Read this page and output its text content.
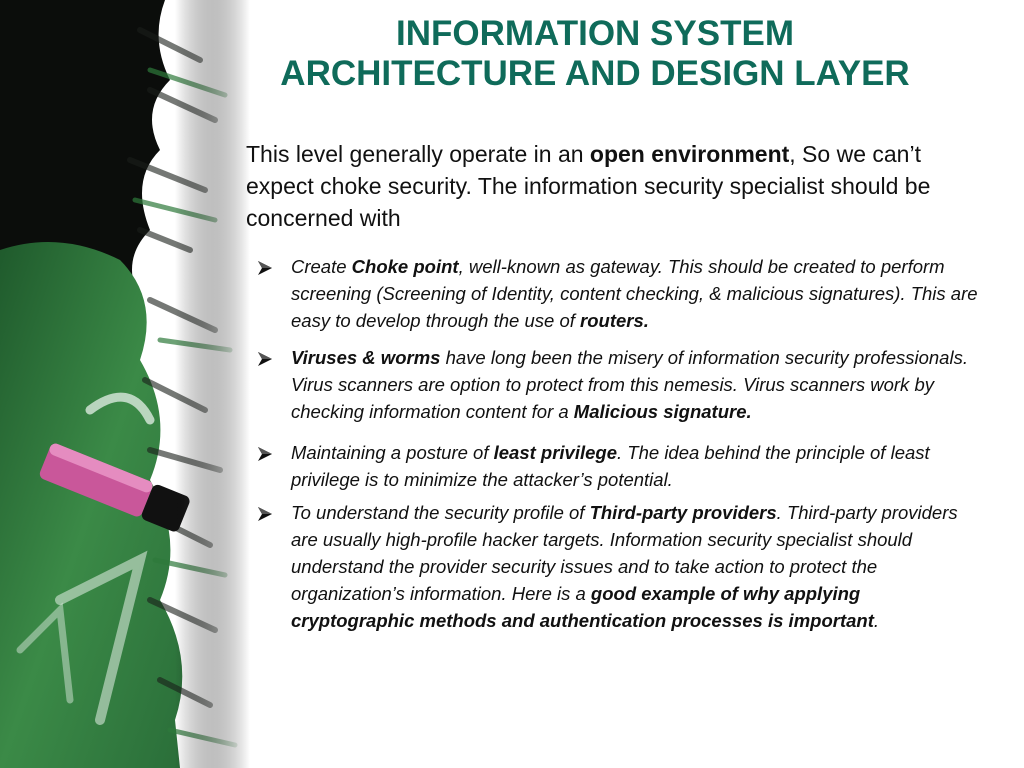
INFORMATION SYSTEM
ARCHITECTURE AND DESIGN LAYER

This level generally operate in an open environment, So we can’t expect choke security. The information security specialist should be concerned with

Create Choke point, well-known as gateway. This should be created to perform screening (Screening of Identity, content checking, & malicious signatures). This are easy to develop through the use of routers.
Viruses & worms have long been the misery of information security professionals. Virus scanners are option to protect from this nemesis. Virus scanners work by checking information content for a Malicious signature.
Maintaining a posture of least privilege. The idea behind the principle of least privilege is to minimize the attacker’s potential.
To understand the security profile of Third-party providers. Third-party providers are usually high-profile hacker targets. Information security specialist should understand the provider security issues and to take action to protect the organization’s information. Here is a good example of why applying cryptographic methods and authentication processes is important.
